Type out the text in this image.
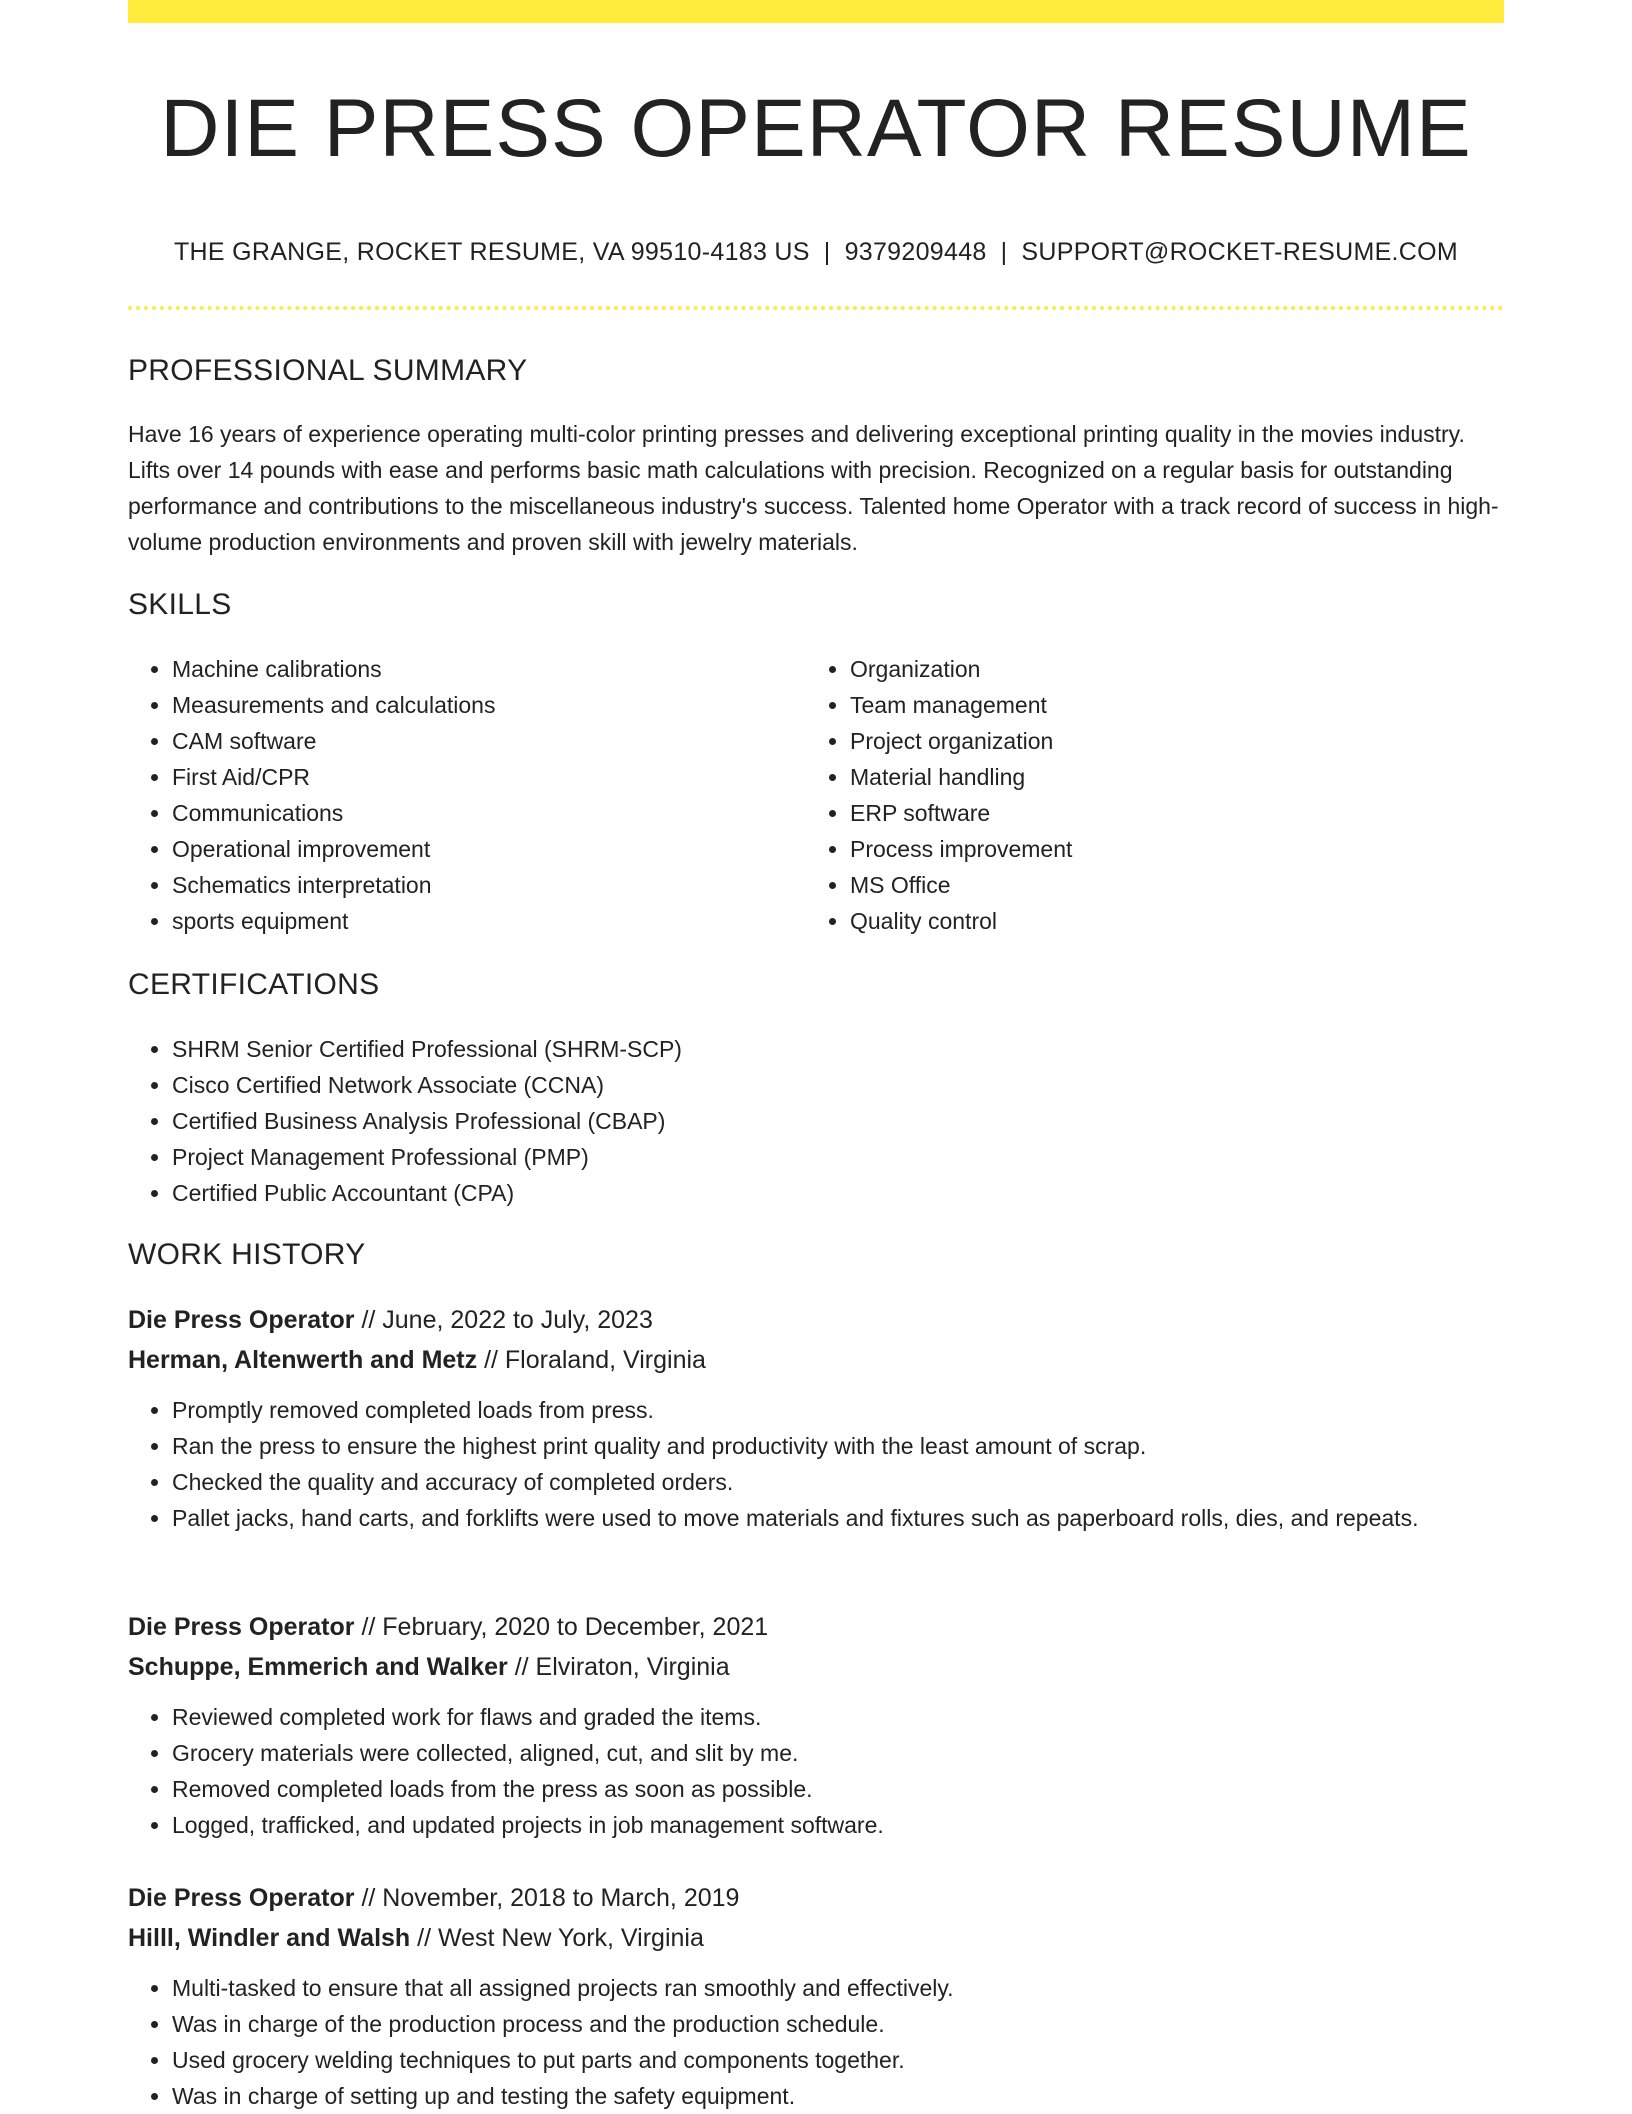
DIE PRESS OPERATOR RESUME
THE GRANGE, ROCKET RESUME, VA 99510-4183 US | 9379209448 | SUPPORT@ROCKET-RESUME.COM
PROFESSIONAL SUMMARY

Have 16 years of experience operating multi-color printing presses and delivering exceptional printing quality in the movies industry. Lifts over 14 pounds with ease and performs basic math calculations with precision. Recognized on a regular basis for outstanding performance and contributions to the miscellaneous industry's success. Talented home Operator with a track record of success in high-volume production environments and proven skill with jewelry materials.

SKILLS
• Machine calibrations
• Measurements and calculations
• CAM software
• First Aid/CPR
• Communications
• Operational improvement
• Schematics interpretation
• sports equipment
• Organization
• Team management
• Project organization
• Material handling
• ERP software
• Process improvement
• MS Office
• Quality control
CERTIFICATIONS
• SHRM Senior Certified Professional (SHRM-SCP)
• Cisco Certified Network Associate (CCNA)
• Certified Business Analysis Professional (CBAP)
• Project Management Professional (PMP)
• Certified Public Accountant (CPA)
WORK HISTORY
Die Press Operator // June, 2022 to July, 2023
Herman, Altenwerth and Metz // Floraland, Virginia
• Promptly removed completed loads from press.
• Ran the press to ensure the highest print quality and productivity with the least amount of scrap.
• Checked the quality and accuracy of completed orders.
• Pallet jacks, hand carts, and forklifts were used to move materials and fixtures such as paperboard rolls, dies, and repeats.
Die Press Operator // February, 2020 to December, 2021
Schuppe, Emmerich and Walker // Elviraton, Virginia
• Reviewed completed work for flaws and graded the items.
• Grocery materials were collected, aligned, cut, and slit by me.
• Removed completed loads from the press as soon as possible.
• Logged, trafficked, and updated projects in job management software.
Die Press Operator // November, 2018 to March, 2019
Hilll, Windler and Walsh // West New York, Virginia
• Multi-tasked to ensure that all assigned projects ran smoothly and effectively.
• Was in charge of the production process and the production schedule.
• Used grocery welding techniques to put parts and components together.
• Was in charge of setting up and testing the safety equipment.
